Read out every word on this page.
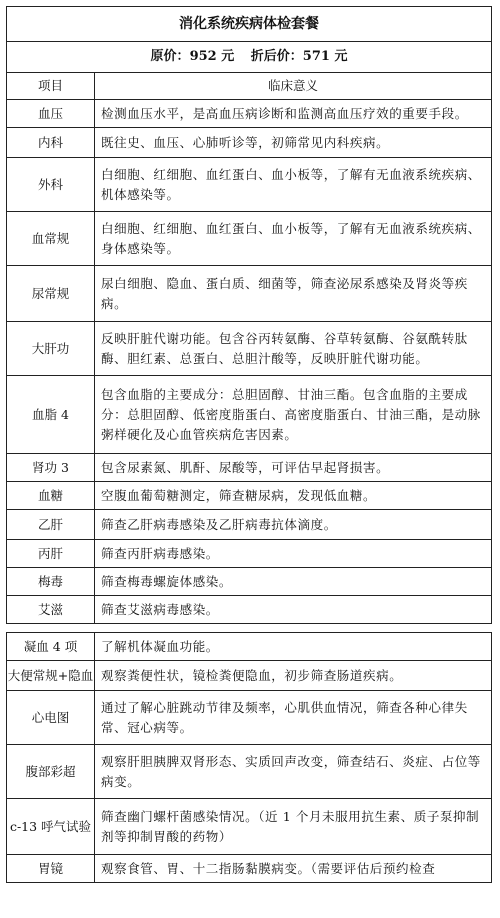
消化系统疾病体检套餐	
原价：952 元 折后价：571 元	
项目	临床意义
血压	检测血压水平，是高血压病诊断和监测高血压疗效的重要手段。
内科	既往史、血压、心肺听诊等，初筛常见内科疾病。
外科	白细胞、红细胞、血红蛋白、血小板等，了解有无血液系统疾病、机体感染等。
血常规	白细胞、红细胞、血红蛋白、血小板等，了解有无血液系统疾病、身体感染等。
尿常规	尿白细胞、隐血、蛋白质、细菌等，筛查泌尿系感染及肾炎等疾病。
大肝功	反映肝脏代谢功能。包含谷丙转氨酶、谷草转氨酶、谷氨酰转肽酶、胆红素、总蛋白、总胆汁酸等，反映肝脏代谢功能。
血脂 4	包含血脂的主要成分：总胆固醇、甘油三酯。包含血脂的主要成分：总胆固醇、低密度脂蛋白、高密度脂蛋白、甘油三酯，是动脉粥样硬化及心血管疾病危害因素。
肾功 3	包含尿素氮、肌酐、尿酸等，可评估早起肾损害。
血糖	空腹血葡萄糖测定，筛查糖尿病，发现低血糖。
乙肝	筛查乙肝病毒感染及乙肝病毒抗体滴度。
丙肝	筛查丙肝病毒感染。
梅毒	筛查梅毒螺旋体感染。
艾滋	筛查艾滋病毒感染。
凝血 4 项	了解机体凝血功能。
大便常规+隐血	观察粪便性状，镜检粪便隐血，初步筛查肠道疾病。
心电图	通过了解心脏跳动节律及频率，心肌供血情况，筛查各种心律失常、冠心病等。
腹部彩超	观察肝胆胰脾双肾形态、实质回声改变，筛查结石、炎症、占位等病变。
c-13 呼气试验	筛查幽门螺杆菌感染情况。（近 1 个月未服用抗生素、质子泵抑制剂等抑制胃酸的药物）
胃镜	观察食管、胃、十二指肠黏膜病变。（需要评估后预约检查
